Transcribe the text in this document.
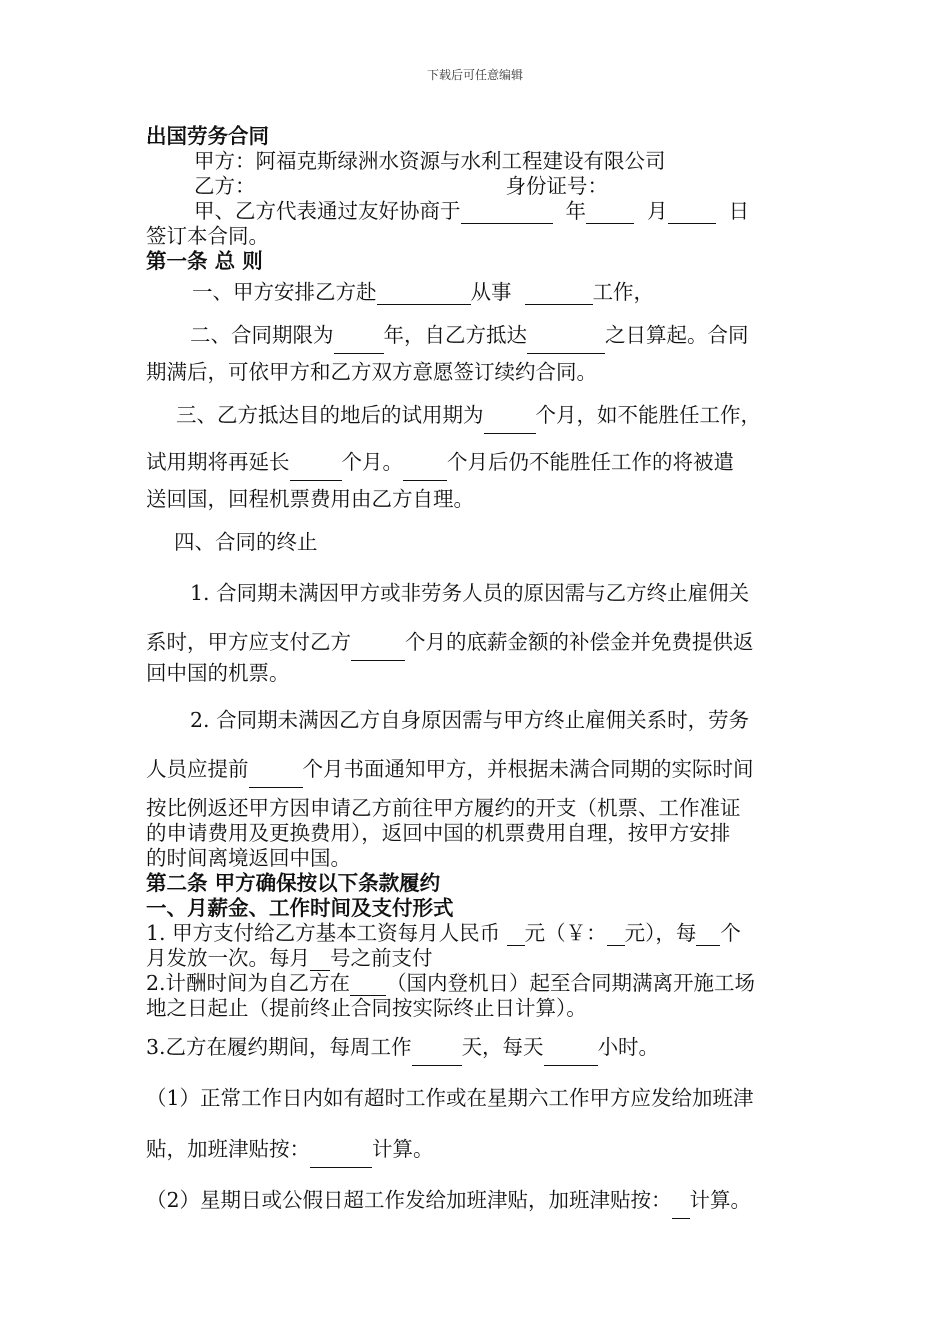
下载后可任意编辑

出国劳务合同

甲方：阿福克斯绿洲水资源与水利工程建设有限公司

乙方：	身份证号：

甲、乙方代表通过友好协商于	年	月	日

签订本合同。

第一条 总 则

一、甲方安排乙方赴	从事	工作，

二、合同期限为 年，自乙方抵达	之日算起。合同

期满后，可依甲方和乙方双方意愿签订续约合同。

三、乙方抵达目的地后的试用期为	个月，如不能胜任工作，

试用期将再延长	个月。 个月后仍不能胜任工作的将被遣

送回国，回程机票费用由乙方自理。

四、合同的终止

1. 合同期未满因甲方或非劳务人员的原因需与乙方终止雇佣关

系时，甲方应支付乙方	个月的底薪金额的补偿金并免费提供返

回中国的机票。

2. 合同期未满因乙方自身原因需与甲方终止雇佣关系时，劳务

人员应提前	个月书面通知甲方，并根据未满合同期的实际时间

按比例返还甲方因申请乙方前往甲方履约的开支（机票、工作准证

的申请费用及更换费用），返回中国的机票费用自理，按甲方安排

的时间离境返回中国。

第二条 甲方确保按以下条款履约

一、月薪金、工作时间及支付形式

1. 甲方支付给乙方基本工资每月人民币 元（￥： 元），每 个

月发放一次。每月 号之前支付

2.计酬时间为自乙方在 （国内登机日）起至合同期满离开施工场

地之日起止（提前终止合同按实际终止日计算）。

3.乙方在履约期间，每周工作 天，每天	小时。

（1）正常工作日内如有超时工作或在星期六工作甲方应发给加班津

贴，加班津贴按：	计算。

（2）星期日或公假日超工作发给加班津贴，加班津贴按： 计算。
